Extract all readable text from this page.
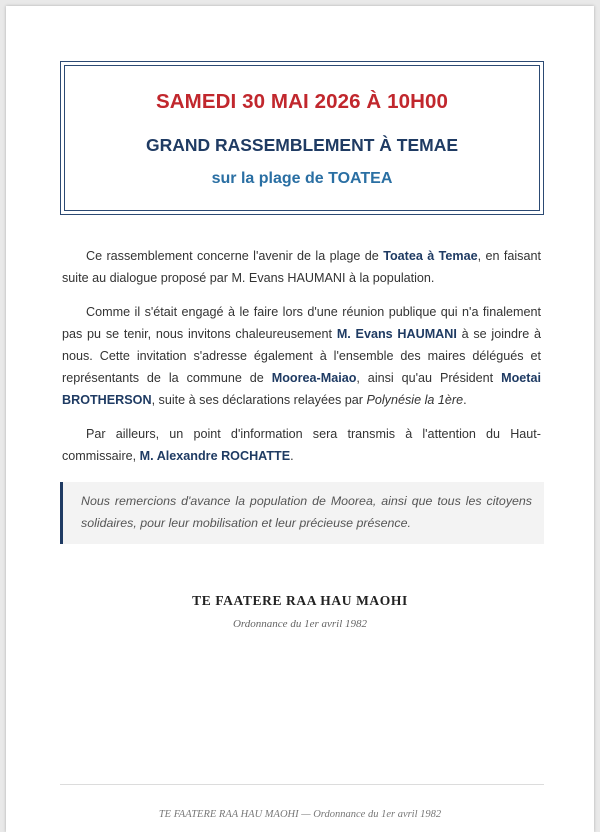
SAMEDI 30 MAI 2026 À 10H00
GRAND RASSEMBLEMENT À TEMAE
sur la plage de TOATEA

Ce rassemblement concerne l'avenir de la plage de Toatea à Temae, en faisant suite au dialogue proposé par M. Evans HAUMANI à la population.

Comme il s'était engagé à le faire lors d'une réunion publique qui n'a finalement pas pu se tenir, nous invitons chaleureusement M. Evans HAUMANI à se joindre à nous. Cette invitation s'adresse également à l'ensemble des maires délégués et représentants de la commune de Moorea-Maiao, ainsi qu'au Président Moetai BROTHERSON, suite à ses déclarations relayées par Polynésie la 1ère.

Par ailleurs, un point d'information sera transmis à l'attention du Haut-commissaire, M. Alexandre ROCHATTE.

Nous remercions d'avance la population de Moorea, ainsi que tous les citoyens solidaires, pour leur mobilisation et leur précieuse présence.
TE FAATERE RAA HAU MAOHI
Ordonnance du 1er avril 1982
TE FAATERE RAA HAU MAOHI — Ordonnance du 1er avril 1982
